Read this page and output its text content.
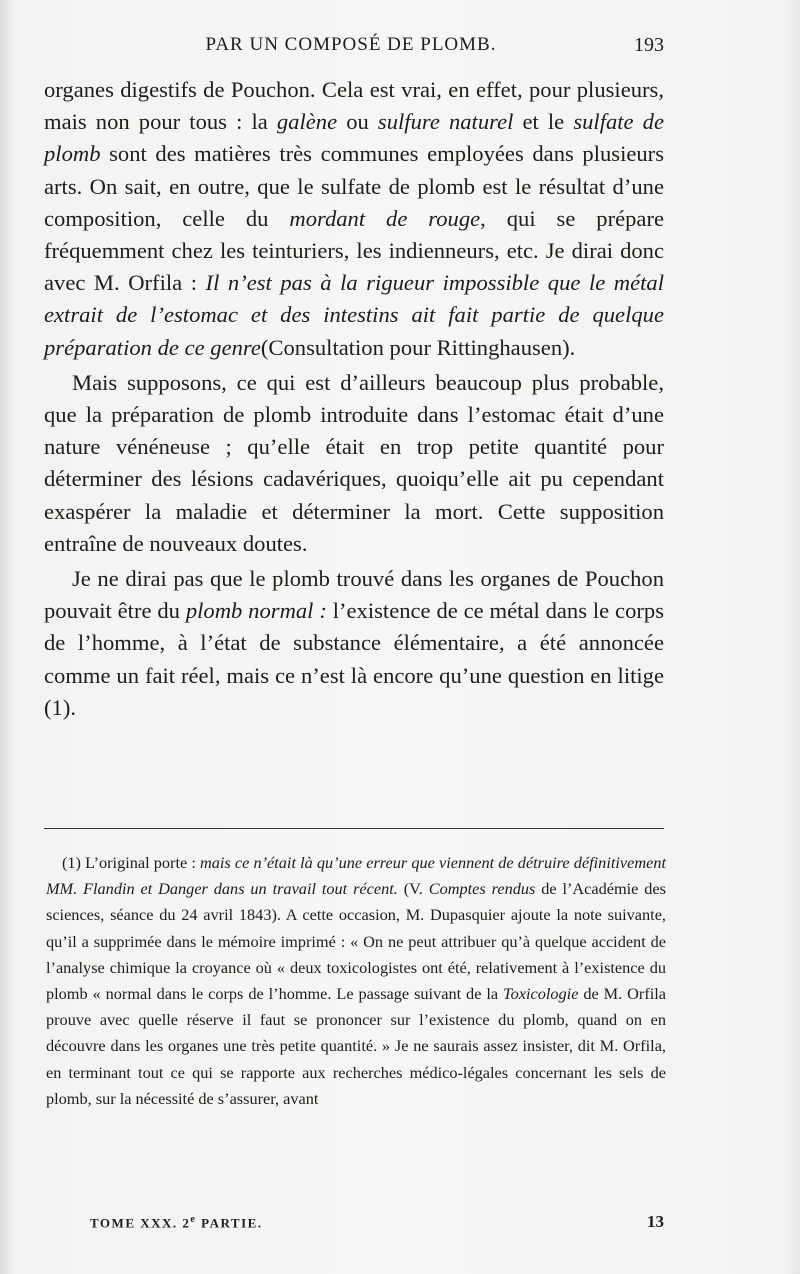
PAR UN COMPOSÉ DE PLOMB.	193

organes digestifs de Pouchon. Cela est vrai, en effet, pour plusieurs, mais non pour tous : la galène ou sulfure naturel et le sulfate de plomb sont des matières très communes employées dans plusieurs arts. On sait, en outre, que le sulfate de plomb est le résultat d’une composition, celle du mordant de rouge, qui se prépare fréquemment chez les teinturiers, les indienneurs, etc. Je dirai donc avec M. Orfila : Il n’est pas à la rigueur impossible que le métal extrait de l’estomac et des intestins ait fait partie de quelque préparation de ce genre(Consultation pour Rittinghausen).

Mais supposons, ce qui est d’ailleurs beaucoup plus probable, que la préparation de plomb introduite dans l’estomac était d’une nature vénéneuse ; qu’elle était en trop petite quantité pour déterminer des lésions cadavériques, quoiqu’elle ait pu cependant exaspérer la maladie et déterminer la mort. Cette supposition entraîne de nouveaux doutes.

Je ne dirai pas que le plomb trouvé dans les organes de Pouchon pouvait être du plomb normal : l’existence de ce métal dans le corps de l’homme, à l’état de substance élémentaire, a été annoncée comme un fait réel, mais ce n’est là encore qu’une question en litige (1).

(1) L’original porte : mais ce n’était là qu’une erreur que viennent de détruire définitivement MM. Flandin et Danger dans un travail tout récent. (V. Comptes rendus de l’Académie des sciences, séance du 24 avril 1843). A cette occasion, M. Dupasquier ajoute la note suivante, qu’il a supprimée dans le mémoire imprimé : « On ne peut attribuer qu’à quelque accident de l’analyse chimique la croyance où « deux toxicologistes ont été, relativement à l’existence du plomb « normal dans le corps de l’homme. Le passage suivant de la Toxicologie de M. Orfila prouve avec quelle réserve il faut se prononcer sur l’existence du plomb, quand on en découvre dans les organes une très petite quantité. » Je ne saurais assez insister, dit M. Orfila, en terminant tout ce qui se rapporte aux recherches médico-légales concernant les sels de plomb, sur la nécessité de s’assurer, avant

TOME XXX. 2e PARTIE.	13
